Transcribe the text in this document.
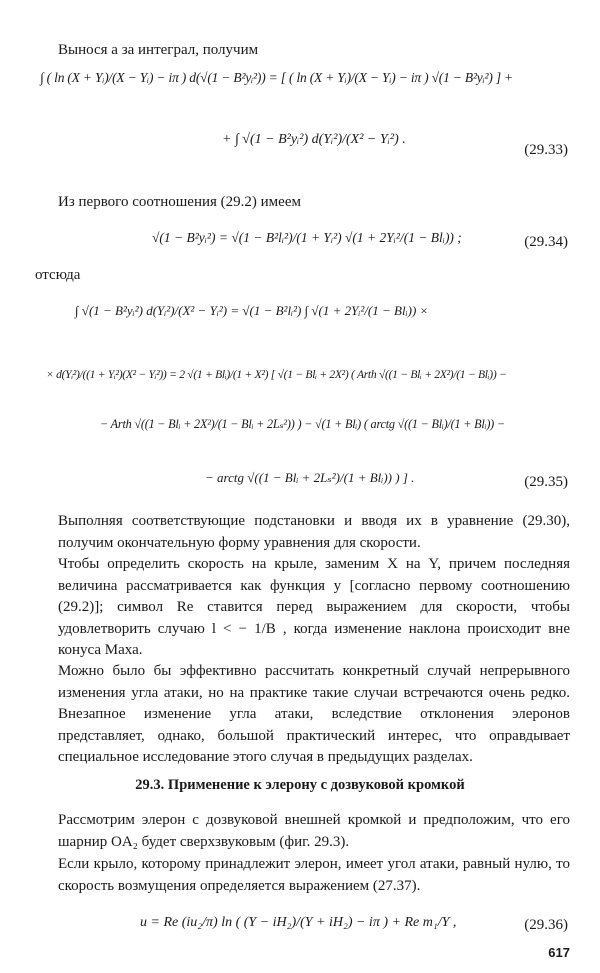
Вынося a за интеграл, получим
∫ ( ln (X + Yᵢ)/(X − Yᵢ) − iπ ) d(√(1 − B²yᵢ²)) = [ ( ln (X + Yᵢ)/(X − Yᵢ) − iπ ) √(1 − B²yᵢ²) ] +
+ ∫ √(1 − B²yᵢ²) d(Yᵢ²)/(X² − Yᵢ²) .
(29.33)
Из первого соотношения (29.2) имеем
√(1 − B²yᵢ²) = √(1 − B²lᵢ²)/(1 + Yᵢ²) √(1 + 2Yᵢ²/(1 − Blᵢ)) ;	(29.34)
отсюда
∫ √(1 − B²yᵢ²) d(Yᵢ²)/(X² − Yᵢ²) = √(1 − B²lᵢ²) ∫ √(1 + 2Yᵢ²/(1 − Blᵢ)) ×
× d(Yᵢ²)/((1 + Yᵢ²)(X² − Yᵢ²)) = 2 √(1 + Blᵢ)/(1 + X²) [ √(1 − Blᵢ + 2X²) ( Arth √((1 − Blᵢ + 2X²)/(1 − Blᵢ)) −
− Arth √((1 − Blᵢ + 2X²)/(1 − Blᵢ + 2Lₛ²)) ) − √(1 + Blᵢ) ( arctg √((1 − Blᵢ)/(1 + Blᵢ)) −
− arctg √((1 − Blᵢ + 2Lₛ²)/(1 + Blᵢ)) ) ] .	(29.35)

Выполняя соответствующие подстановки и вводя их в уравнение (29.30), получим окончательную форму уравнения для скорости.

Чтобы определить скорость на крыле, заменим X на Y, причем последняя величина рассматривается как функция y [согласно первому соотношению (29.2)]; символ Re ставится перед выражением для скорости, чтобы удовлетворить случаю l < − 1/B , когда изменение наклона происходит вне конуса Маха.

Можно было бы эффективно рассчитать конкретный случай непрерывного изменения угла атаки, но на практике такие случаи встречаются очень редко. Внезапное изменение угла атаки, вследствие отклонения элеронов представляет, однако, большой практический интерес, что оправдывает специальное исследование этого случая в предыдущих разделах.

29.3. Применение к элерону с дозвуковой кромкой

Рассмотрим элерон с дозвуковой внешней кромкой и предположим, что его шарнир OA₂ будет сверхзвуковым (фиг. 29.3).

Если крыло, которому принадлежит элерон, имеет угол атаки, равный нулю, то скорость возмущения определяется выражением (27.37).

u = Re (iu₂/π) ln ( (Y − iH₂)/(Y + iH₂) − iπ ) + Re m₁/Y ,	(29.36)
617
